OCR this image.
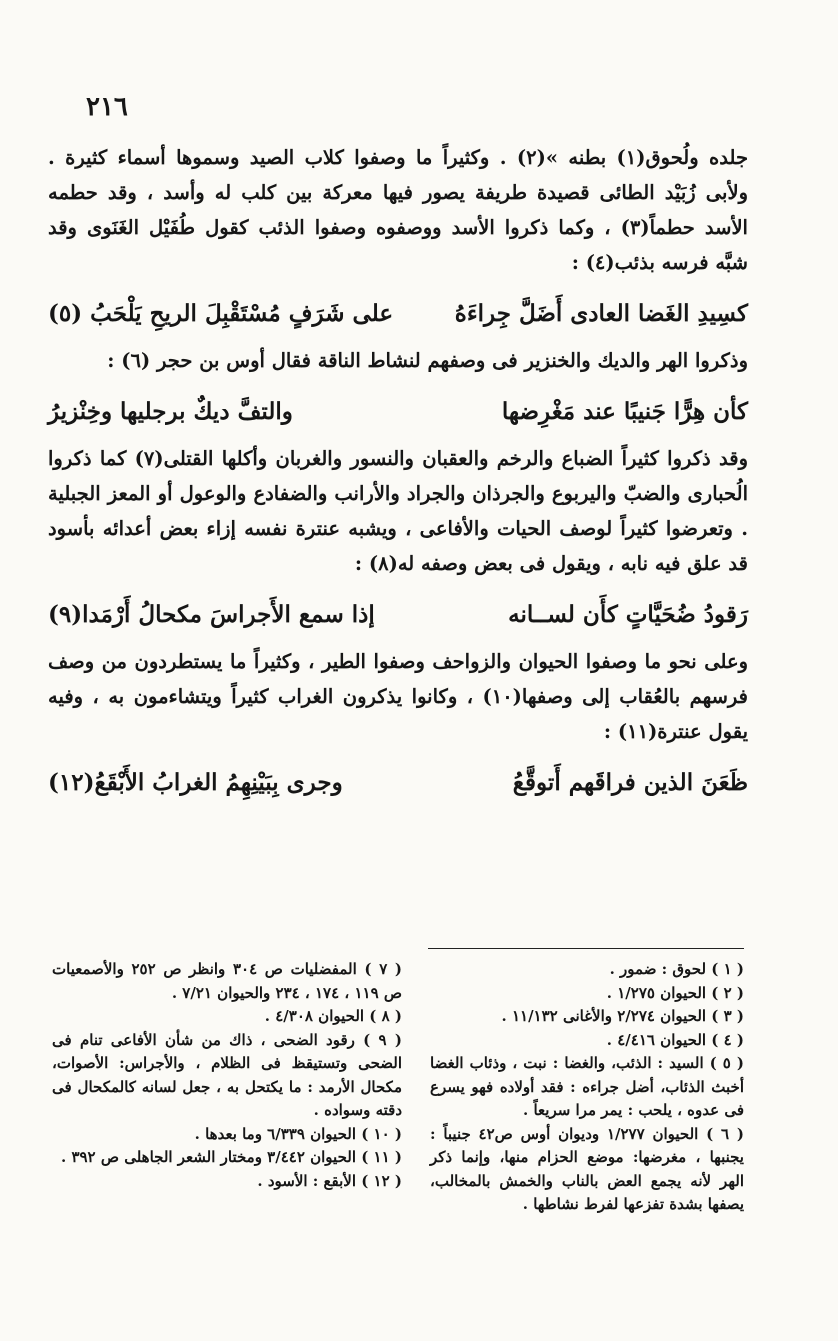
٢١٦

جلده ولُحوق(١) بطنه »(٢) . وكثيراً ما وصفوا كلاب الصيد وسموها أسماء كثيرة . ولأبى زُبَيْد الطائى قصيدة طريفة يصور فيها معركة بين كلب له وأسد ، وقد حطمه الأسد حطماً(٣) ، وكما ذكروا الأسد ووصفوه وصفوا الذئب كقول طُفَيْل الغَنَوى وقد شبَّه فرسه بذئب(٤) :

كسِيدِ الغَضا العادى أَضَلَّ جِراءَهُ
على شَرَفٍ مُسْتَقْبِلَ الريحِ يَلْحَبُ (٥)

وذكروا الهر والديك والخنزير فى وصفهم لنشاط الناقة فقال أوس بن حجر (٦) :

كأن هِرًّا جَنيبًا عند مَغْرِضها
والتفَّ ديكٌ برجليها وخِنْزيرُ

وقد ذكروا كثيراً الضباع والرخم والعقبان والنسور والغربان وأكلها القتلى(٧) كما ذكروا الُحبارى والضبّ واليربوع والجرذان والجراد والأرانب والضفادع والوعول أو المعز الجبلية . وتعرضوا كثيراً لوصف الحيات والأفاعى ، ويشبه عنترة نفسه إزاء بعض أعدائه بأسود قد علق فيه نابه ، ويقول فى بعض وصفه له(٨) :

رَقودُ ضُحَيَّاتٍ كأَن لســانه
إذا سمع الأَجراسَ مكحالُ أَرْمَدا(٩)

وعلى نحو ما وصفوا الحيوان والزواحف وصفوا الطير ، وكثيراً ما يستطردون من وصف فرسهم بالعُقاب إلى وصفها(١٠) ، وكانوا يذكرون الغراب كثيراً ويتشاءمون به ، وفيه يقول عنترة(١١) :

ظَعَنَ الذين فراقَهم أَتوقَّعُ
وجرى بِبَيْنِهِمُ الغرابُ الأَبْقَعُ(١٢)
( ١ ) لحوق : ضمور .
( ٢ ) الحيوان ١/٢٧٥ .
( ٣ ) الحيوان ٢/٢٧٤ والأغانى ١١/١٣٢ .
( ٤ ) الحيوان ٤/٤١٦ .
( ٥ ) السيد : الذئب، والغضا : نبت ، وذئاب الغضا أخبث الذئاب، أضل جراءه : فقد أولاده فهو يسرع فى عدوه ، يلحب : يمر مرا سريعاً .
( ٦ ) الحيوان ١/٢٧٧ وديوان أوس ص٤٢ جنيباً : يجنبها ، مغرضها: موضع الحزام منها، وإنما ذكر الهر لأنه يجمع العض بالناب والخمش بالمخالب، يصفها بشدة تفزعها لفرط نشاطها .
( ٧ ) المفضليات ص ٣٠٤ وانظر ص ٢٥٢ والأصمعيات ص ١١٩ ، ١٧٤ ، ٢٣٤ والحيوان ٧/٢١ .
( ٨ ) الحيوان ٤/٣٠٨ .
( ٩ ) رقود الضحى ، ذاك من شأن الأفاعى تنام فى الضحى وتستيقظ فى الظلام ، والأجراس: الأصوات، مكحال الأرمد : ما يكتحل به ، جعل لسانه كالمكحال فى دقته وسواده .
( ١٠ ) الحيوان ٦/٣٣٩ وما بعدها .
( ١١ ) الحيوان ٣/٤٤٢ ومختار الشعر الجاهلى ص ٣٩٢ .
( ١٢ ) الأبقع : الأسود .
